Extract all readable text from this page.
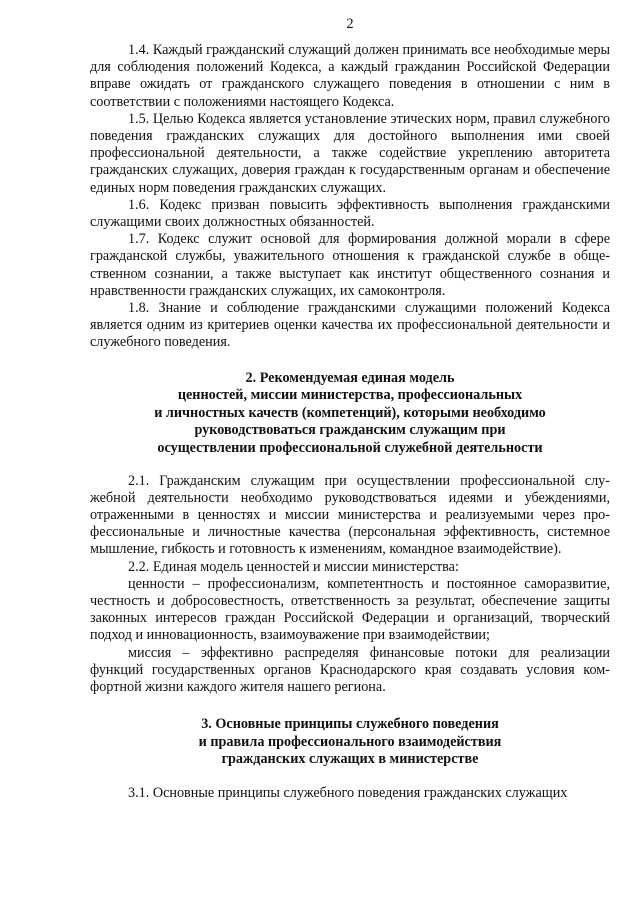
2

1.4. Каждый гражданский служащий должен принимать все необходимые меры для соблюдения положений Кодекса, а каждый гражданин Российской Федерации вправе ожидать от гражданского служащего поведения в отношении с ним в соответствии с положениями настоящего Кодекса.

1.5. Целью Кодекса является установление этических норм, правил служебного поведения гражданских служащих для достойного выполнения ими своей профессиональной деятельности, а также содействие укреплению авторитета гражданских служащих, доверия граждан к государственным органам и обеспечение единых норм поведения гражданских служащих.

1.6. Кодекс призван повысить эффективность выполнения гражданскими служащими своих должностных обязанностей.

1.7. Кодекс служит основой для формирования должной морали в сфере гражданской службы, уважительного отношения к гражданской службе в общественном сознании, а также выступает как институт общественного сознания и нравственности гражданских служащих, их самоконтроля.

1.8. Знание и соблюдение гражданскими служащими положений Кодекса является одним из критериев оценки качества их профессиональной деятельности и служебного поведения.

2. Рекомендуемая единая модель
ценностей, миссии министерства, профессиональных
и личностных качеств (компетенций), которыми необходимо
руководствоваться гражданским служащим при
осуществлении профессиональной служебной деятельности

2.1. Гражданским служащим при осуществлении профессиональной служебной деятельности необходимо руководствоваться идеями и убеждениями, отраженными в ценностях и миссии министерства и реализуемыми через профессиональные и личностные качества (персональная эффективность, системное мышление, гибкость и готовность к изменениям, командное взаимодействие).

2.2. Единая модель ценностей и миссии министерства:

ценности – профессионализм, компетентность и постоянное саморазвитие, честность и добросовестность, ответственность за результат, обеспечение защиты законных интересов граждан Российской Федерации и организаций, творческий подход и инновационность, взаимоуважение при взаимодействии;

миссия – эффективно распределяя финансовые потоки для реализации функций государственных органов Краснодарского края создавать условия комфортной жизни каждого жителя нашего региона.

3. Основные принципы служебного поведения
и правила профессионального взаимодействия
гражданских служащих в министерстве

3.1. Основные принципы служебного поведения гражданских служащих
